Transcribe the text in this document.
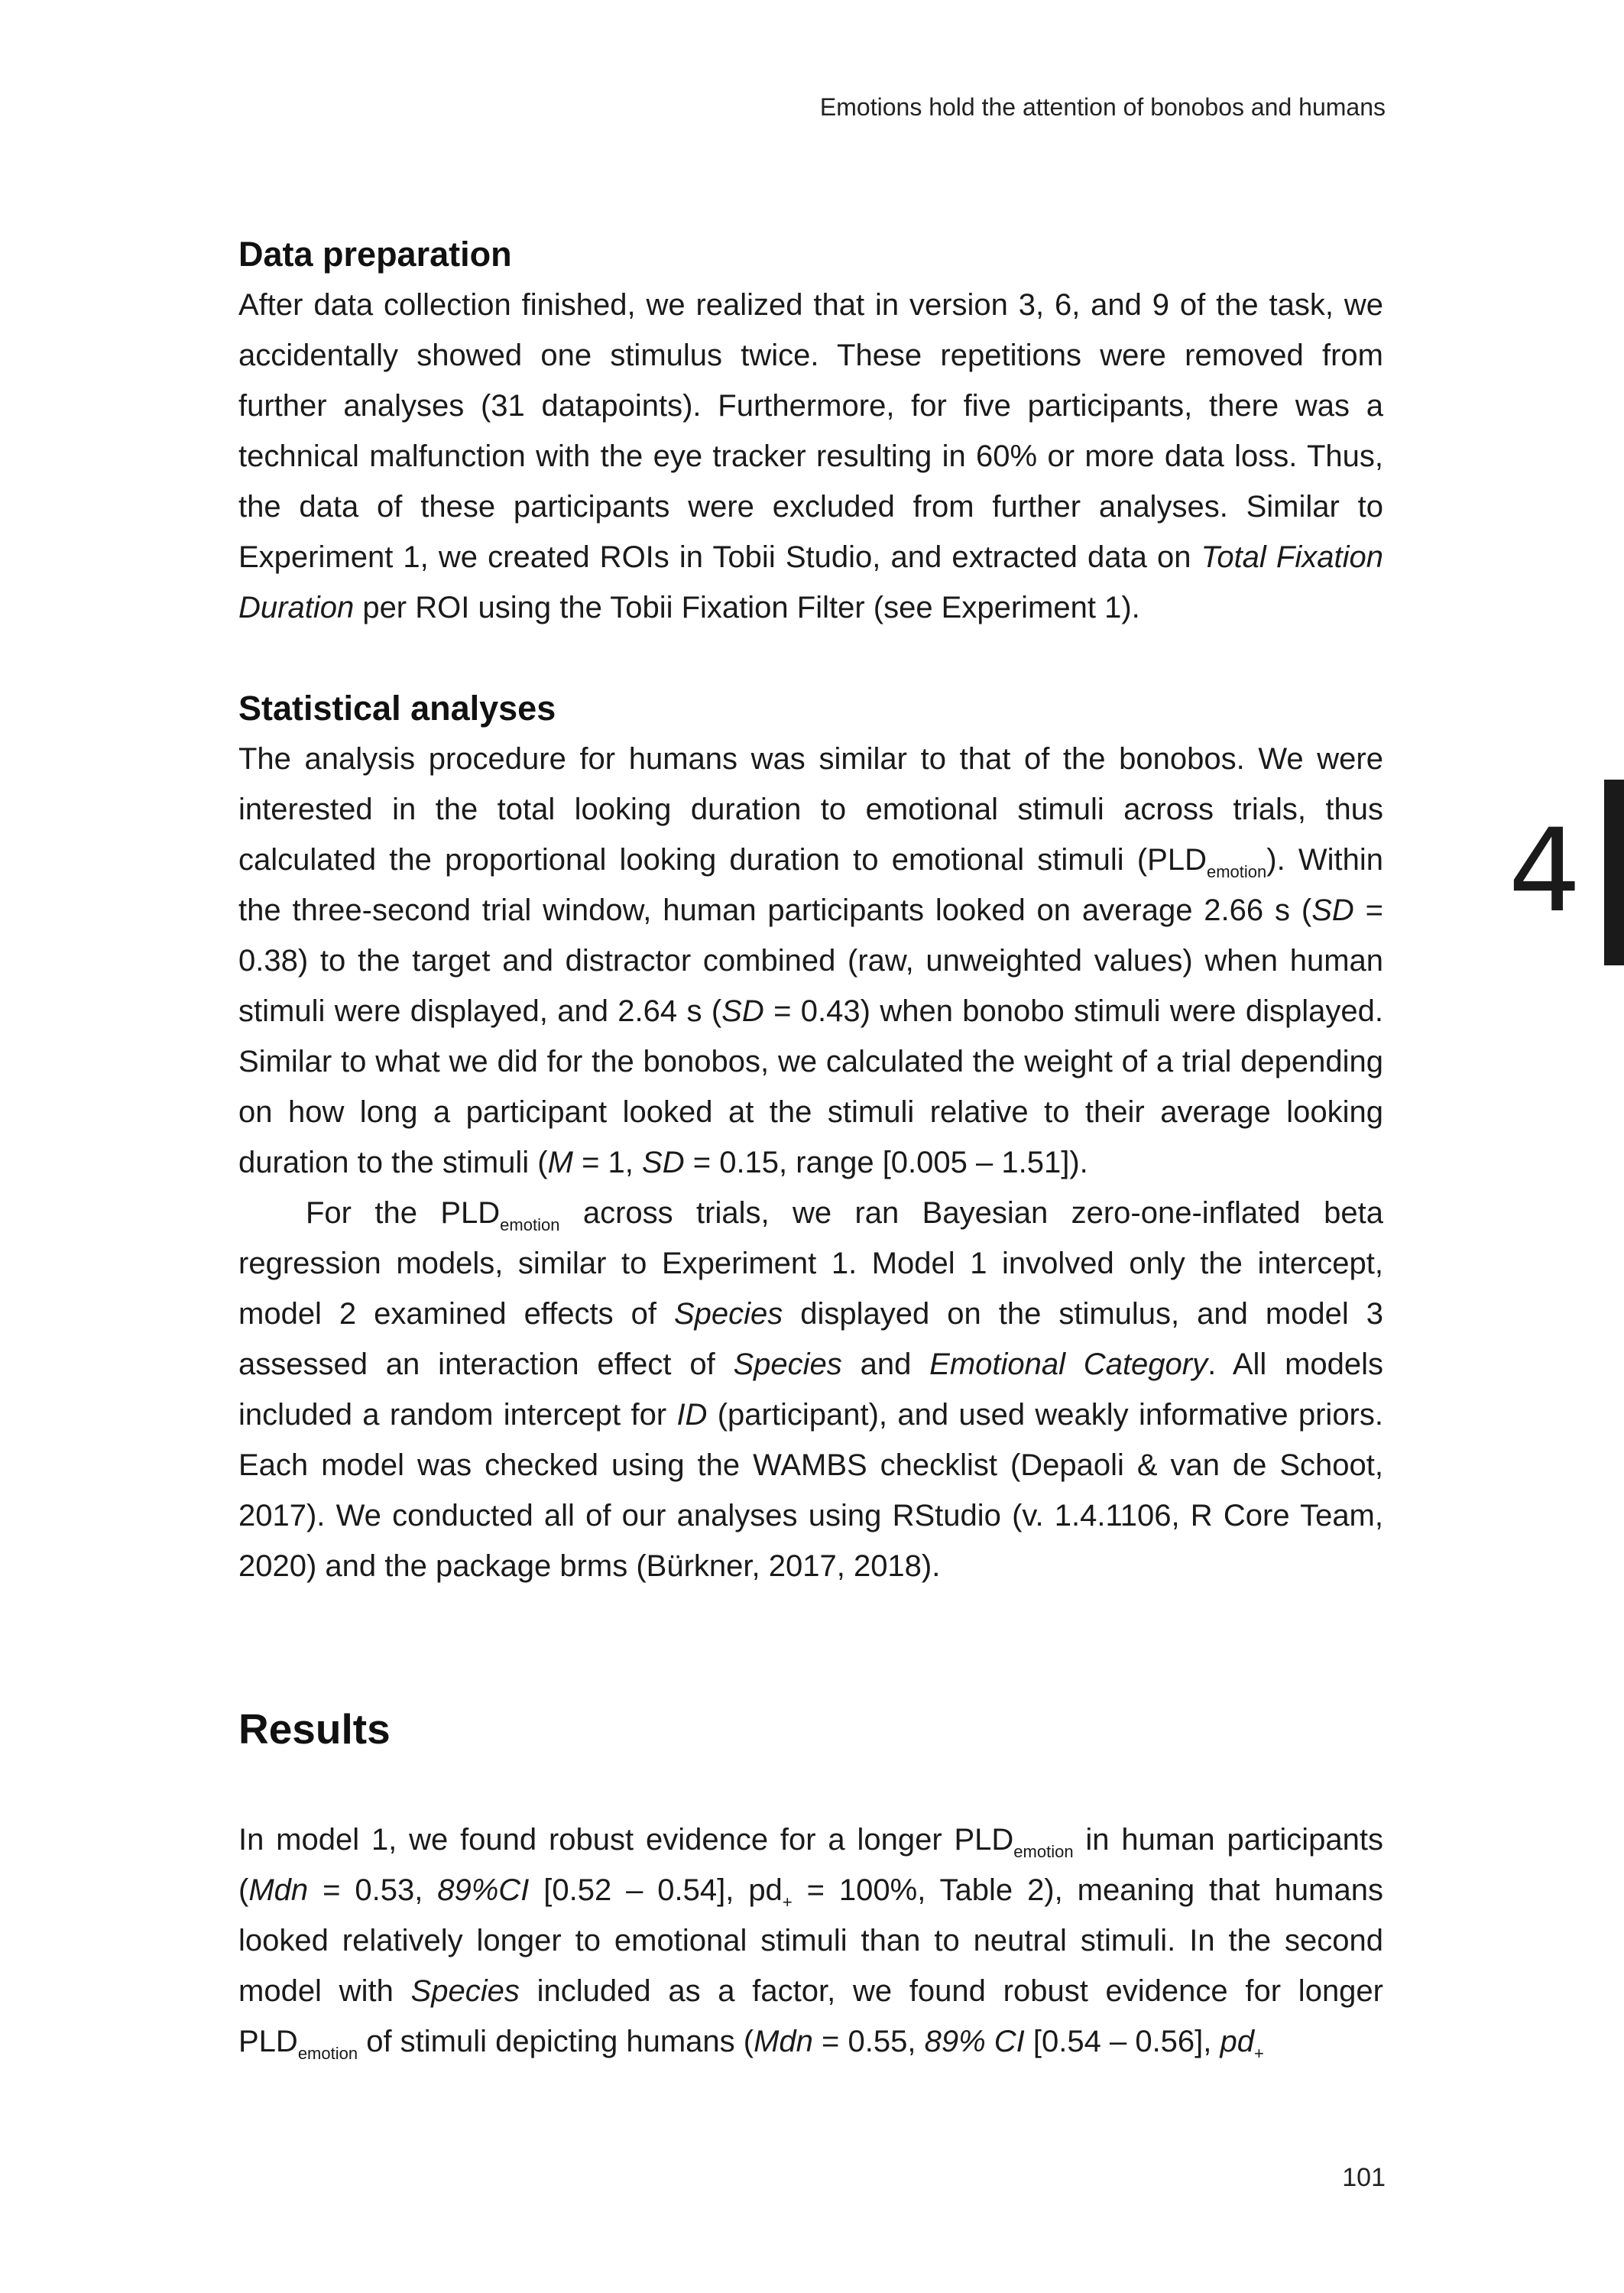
Emotions hold the attention of bonobos and humans
4
Data preparation

After data collection finished, we realized that in version 3, 6, and 9 of the task, we accidentally showed one stimulus twice. These repetitions were removed from further analyses (31 datapoints). Furthermore, for five participants, there was a technical malfunction with the eye tracker resulting in 60% or more data loss. Thus, the data of these participants were excluded from further analyses. Similar to Experiment 1, we created ROIs in Tobii Studio, and extracted data on Total Fixation Duration per ROI using the Tobii Fixation Filter (see Experiment 1).

Statistical analyses

The analysis procedure for humans was similar to that of the bonobos. We were interested in the total looking duration to emotional stimuli across trials, thus calculated the proportional looking duration to emotional stimuli $(PLD_{emotion})$. Within the three-second trial window, human participants looked on average 2.66 s (SD = 0.38) to the target and distractor combined (raw, unweighted values) when human stimuli were displayed, and 2.64 s (SD = 0.43) when bonobo stimuli were displayed. Similar to what we did for the bonobos, we calculated the weight of a trial depending on how long a participant looked at the stimuli relative to their average looking duration to the stimuli (M = 1, SD = 0.15, range [0.005 – 1.51]).

For the $PLD_{emotion}$ across trials, we ran Bayesian zero-one-inflated beta regression models, similar to Experiment 1. Model 1 involved only the intercept, model 2 examined effects of Species displayed on the stimulus, and model 3 assessed an interaction effect of Species and Emotional Category. All models included a random intercept for ID (participant), and used weakly informative priors. Each model was checked using the WAMBS checklist (Depaoli & van de Schoot, 2017). We conducted all of our analyses using RStudio (v. 1.4.1106, R Core Team, 2020) and the package brms (Bürkner, 2017, 2018).

Results

In model 1, we found robust evidence for a longer $PLD_{emotion}$ in human participants (Mdn = 0.53, 89%CI [0.52 – 0.54], $pd_+ = 100\%$, Table 2), meaning that humans looked relatively longer to emotional stimuli than to neutral stimuli. In the second model with Species included as a factor, we found robust evidence for longer $PLD_{emotion}$ of stimuli depicting humans (Mdn = 0.55, 89% CI [0.54 – 0.56], $pd_+$

101
